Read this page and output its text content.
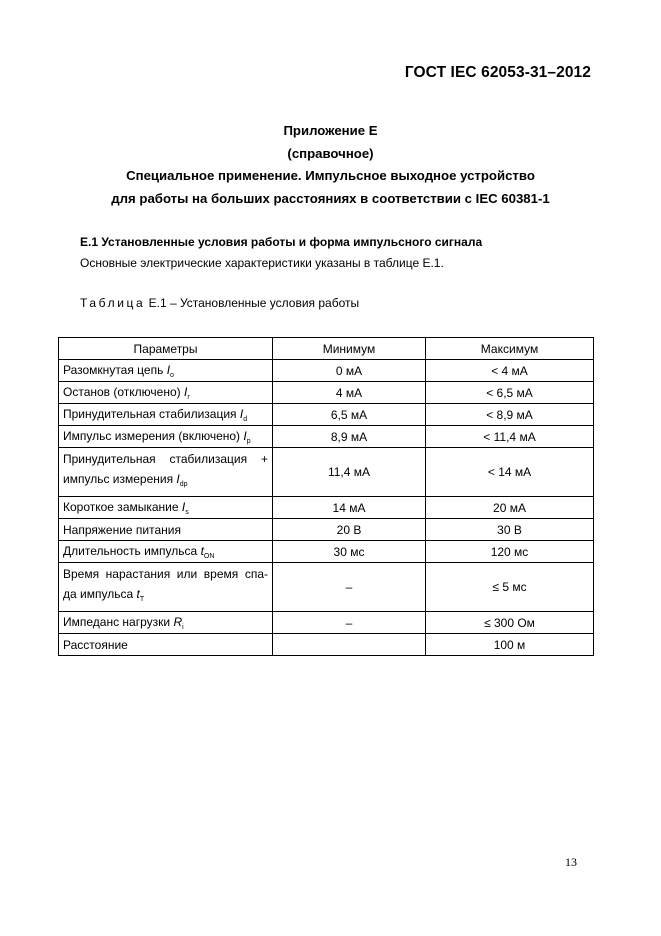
ГОСТ IEC 62053-31–2012
Приложение Е
(справочное)
Специальное применение. Импульсное выходное устройство
для работы на больших расстояниях в соответствии с IEC 60381-1
E.1 Установленные условия работы и форма импульсного сигнала
Основные электрические характеристики указаны в таблице Е.1.
Таблица Е.1 – Установленные условия работы
Параметры	Минимум	Максимум
Разомкнутая цепь $I_o$	0 мА	< 4 мА
Останов (отключено) $I_r$	4 мА	< 6,5 мА
Принудительная стабилизация $I_d$	6,5 мА	< 8,9 мА
Импульс измерения (включено) $I_p$	8,9 мА	< 11,4 мА
Принудительная стабилизация +
импульс измерения $I_{dp}$	11,4 мА	< 14 мА
Короткое замыкание $I_s$	14 мА	20 мА
Напряжение питания	20 В	30 В
Длительность импульса $t_{ON}$	30 мс	120 мс
Время нарастания или время спа-
да импульса $t_T$	–	≤ 5 мс
Импеданс нагрузки $R_i$	–	≤ 300 Ом
Расстояние		100 м
13
